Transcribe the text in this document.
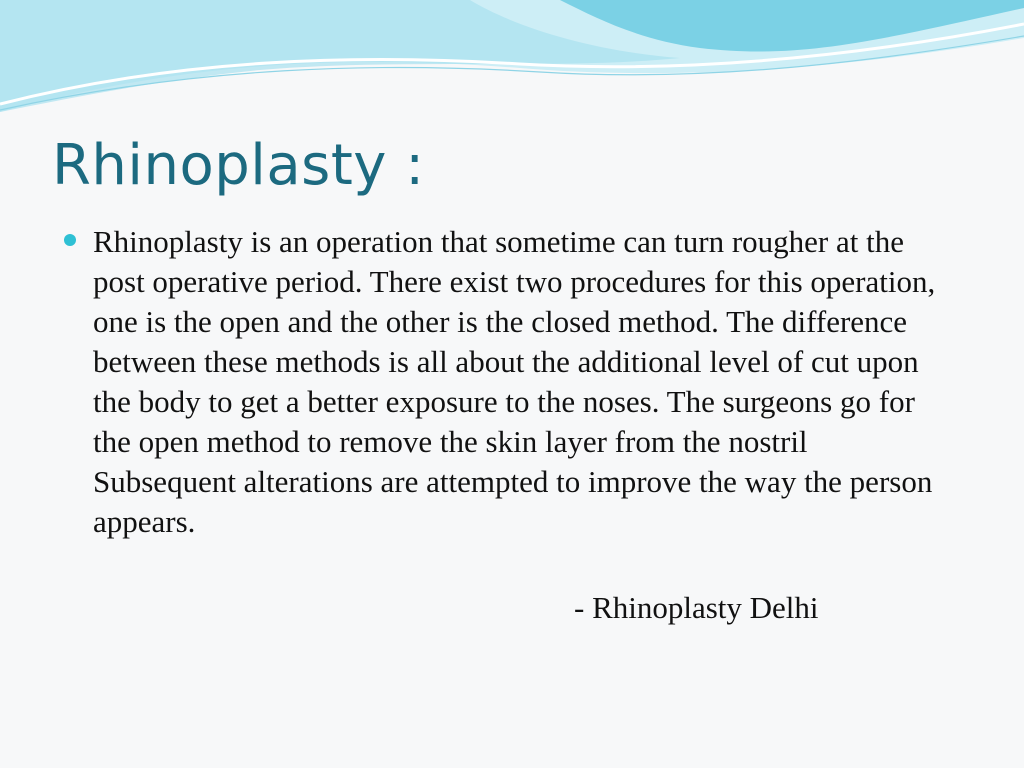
Rhinoplasty :

Rhinoplasty is an operation that sometime can turn rougher at the post operative period. There exist two procedures for this operation, one is the open and the other is the closed method. The difference between these methods is all about the additional level of cut upon the body to get a better exposure to the noses. The surgeons go for the open method to remove the skin layer from the nostril Subsequent alterations are attempted to improve the way the person appears.

- Rhinoplasty Delhi
